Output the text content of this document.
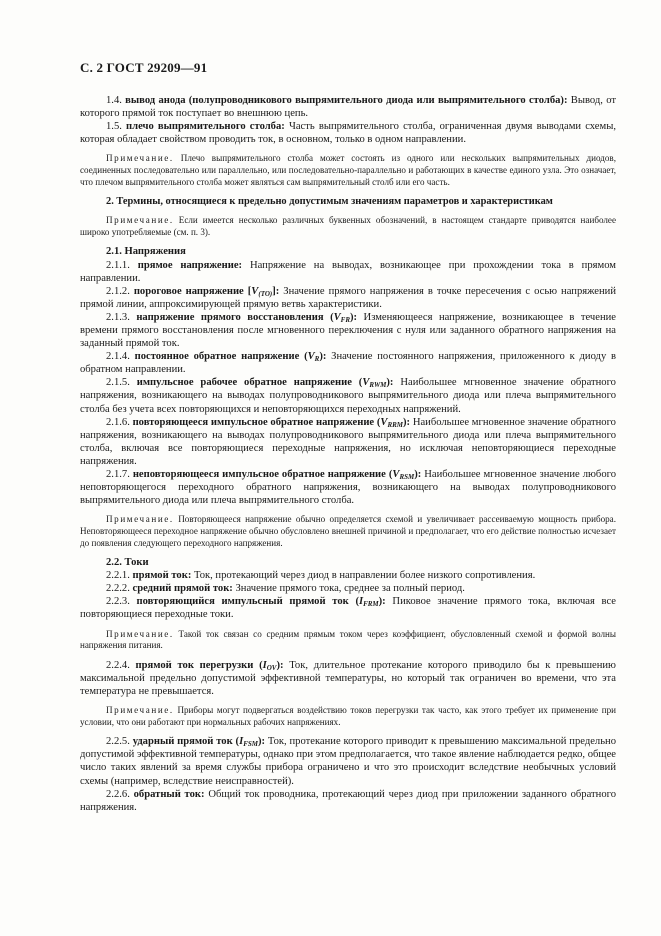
С. 2 ГОСТ 29209—91

1.4. вывод анода (полупроводникового выпрямительного диода или выпрямительного столба): Вывод, от которого прямой ток поступает во внешнюю цепь.

1.5. плечо выпрямительного столба: Часть выпрямительного столба, ограниченная двумя выводами схемы, которая обладает свойством проводить ток, в основном, только в одном направлении.

Примечание. Плечо выпрямительного столба может состоять из одного или нескольких выпрямительных диодов, соединенных последовательно или параллельно, или последовательно-параллельно и работающих в качестве единого узла. Это означает, что плечом выпрямительного столба может являться сам выпрямительный столб или его часть.

2. Термины, относящиеся к предельно допустимым значениям параметров и характеристикам

Примечание. Если имеется несколько различных буквенных обозначений, в настоящем стандарте приводятся наиболее широко употребляемые (см. п. 3).

2.1. Напряжения

2.1.1. прямое напряжение: Напряжение на выводах, возникающее при прохождении тока в прямом направлении.

2.1.2. пороговое напряжение $[V_{(TO)}]$: Значение прямого напряжения в точке пересечения с осью напряжений прямой линии, аппроксимирующей прямую ветвь характеристики.

2.1.3. напряжение прямого восстановления $(V_{FR})$: Изменяющееся напряжение, возникающее в течение времени прямого восстановления после мгновенного переключения с нуля или заданного обратного напряжения на заданный прямой ток.

2.1.4. постоянное обратное напряжение $(V_R)$: Значение постоянного напряжения, приложенного к диоду в обратном направлении.

2.1.5. импульсное рабочее обратное напряжение $(V_{RWM})$: Наибольшее мгновенное значение обратного напряжения, возникающего на выводах полупроводникового выпрямительного диода или плеча выпрямительного столба без учета всех повторяющихся и неповторяющихся переходных напряжений.

2.1.6. повторяющееся импульсное обратное напряжение $(V_{RRM})$: Наибольшее мгновенное значение обратного напряжения, возникающего на выводах полупроводникового выпрямительного диода или плеча выпрямительного столба, включая все повторяющиеся переходные напряжения, но исключая неповторяющиеся переходные напряжения.

2.1.7. неповторяющееся импульсное обратное напряжение $(V_{RSM})$: Наибольшее мгновенное значение любого неповторяющегося переходного обратного напряжения, возникающего на выводах полупроводникового выпрямительного диода или плеча выпрямительного столба.

Примечание. Повторяющееся напряжение обычно определяется схемой и увеличивает рассеиваемую мощность прибора. Неповторяющееся переходное напряжение обычно обусловлено внешней причиной и предполагает, что его действие полностью исчезает до появления следующего переходного напряжения.

2.2. Токи

2.2.1. прямой ток: Ток, протекающий через диод в направлении более низкого сопротивления.

2.2.2. средний прямой ток: Значение прямого тока, среднее за полный период.

2.2.3. повторяющийся импульсный прямой ток $(I_{FRM})$: Пиковое значение прямого тока, включая все повторяющиеся переходные токи.

Примечание. Такой ток связан со средним прямым током через коэффициент, обусловленный схемой и формой волны напряжения питания.

2.2.4. прямой ток перегрузки $(I_{OV})$: Ток, длительное протекание которого приводило бы к превышению максимальной предельно допустимой эффективной температуры, но который так ограничен во времени, что эта температура не превышается.

Примечание. Приборы могут подвергаться воздействию токов перегрузки так часто, как этого требует их применение при условии, что они работают при нормальных рабочих напряжениях.

2.2.5. ударный прямой ток $(I_{FSM})$: Ток, протекание которого приводит к превышению максимальной предельно допустимой эффективной температуры, однако при этом предполагается, что такое явление наблюдается редко, общее число таких явлений за время службы прибора ограничено и что это происходит вследствие необычных условий схемы (например, вследствие неисправностей).

2.2.6. обратный ток: Общий ток проводника, протекающий через диод при приложении заданного обратного напряжения.
